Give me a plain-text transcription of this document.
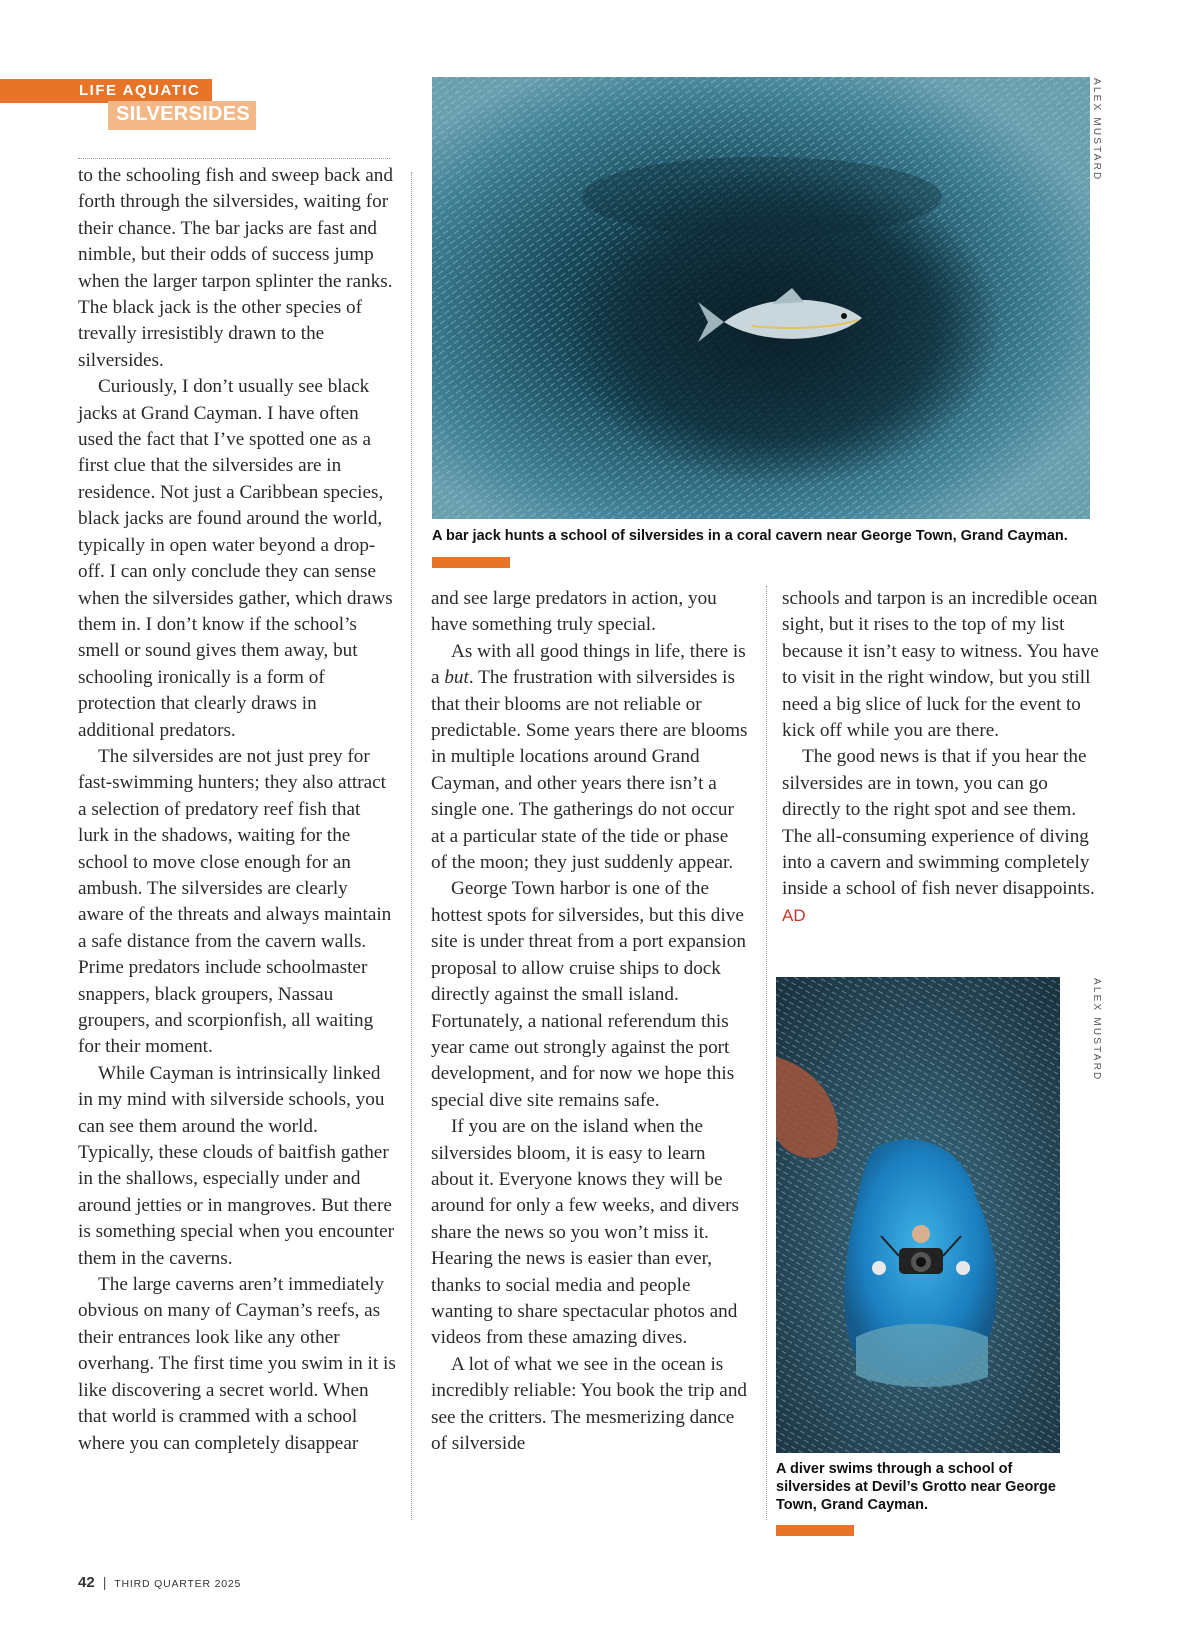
LIFE AQUATIC
SILVERSIDES	ALEX MUSTARD
A bar jack hunts a school of silversides in a coral cavern near George Town, Grand Cayman.

to the schooling fish and sweep back and forth through the silversides, waiting for their chance. The bar jacks are fast and nimble, but their odds of success jump when the larger tarpon splinter the ranks. The black jack is the other species of trevally irresistibly drawn to the silversides.

Curiously, I don’t usually see black jacks at Grand Cayman. I have often used the fact that I’ve spotted one as a first clue that the silversides are in residence. Not just a Caribbean species, black jacks are found around the world, typically in open water beyond a drop-off. I can only conclude they can sense when the silversides gather, which draws them in. I don’t know if the school’s smell or sound gives them away, but schooling ironically is a form of protection that clearly draws in additional predators.

The silversides are not just prey for fast-swimming hunters; they also attract a selection of predatory reef fish that lurk in the shadows, waiting for the school to move close enough for an ambush. The silversides are clearly aware of the threats and always maintain a safe distance from the cavern walls. Prime predators include schoolmaster snappers, black groupers, Nassau groupers, and scorpionfish, all waiting for their moment.

While Cayman is intrinsically linked in my mind with silverside schools, you can see them around the world. Typically, these clouds of baitfish gather in the shallows, especially under and around jetties or in mangroves. But there is something special when you encounter them in the caverns.

The large caverns aren’t immediately obvious on many of Cayman’s reefs, as their entrances look like any other overhang. The first time you swim in it is like discovering a secret world. When that world is crammed with a school where you can completely disappear

and see large predators in action, you have something truly special.

As with all good things in life, there is a but. The frustration with silversides is that their blooms are not reliable or predictable. Some years there are blooms in multiple locations around Grand Cayman, and other years there isn’t a single one. The gatherings do not occur at a particular state of the tide or phase of the moon; they just suddenly appear.

George Town harbor is one of the hottest spots for silversides, but this dive site is under threat from a port expansion proposal to allow cruise ships to dock directly against the small island. Fortunately, a national referendum this year came out strongly against the port development, and for now we hope this special dive site remains safe.

If you are on the island when the silversides bloom, it is easy to learn about it. Everyone knows they will be around for only a few weeks, and divers share the news so you won’t miss it. Hearing the news is easier than ever, thanks to social media and people wanting to share spectacular photos and videos from these amazing dives.

A lot of what we see in the ocean is incredibly reliable: You book the trip and see the critters. The mesmerizing dance of silverside

schools and tarpon is an incredible ocean sight, but it rises to the top of my list because it isn’t easy to witness. You have to visit in the right window, but you still need a big slice of luck for the event to kick off while you are there.

The good news is that if you hear the silversides are in town, you can go directly to the right spot and see them. The all-consuming experience of diving into a cavern and swimming completely inside a school of fish never disappoints. AD

ALEX MUSTARD
A diver swims through a school of silversides at Devil’s Grotto near George Town, Grand Cayman.
42 | THIRD QUARTER 2025
